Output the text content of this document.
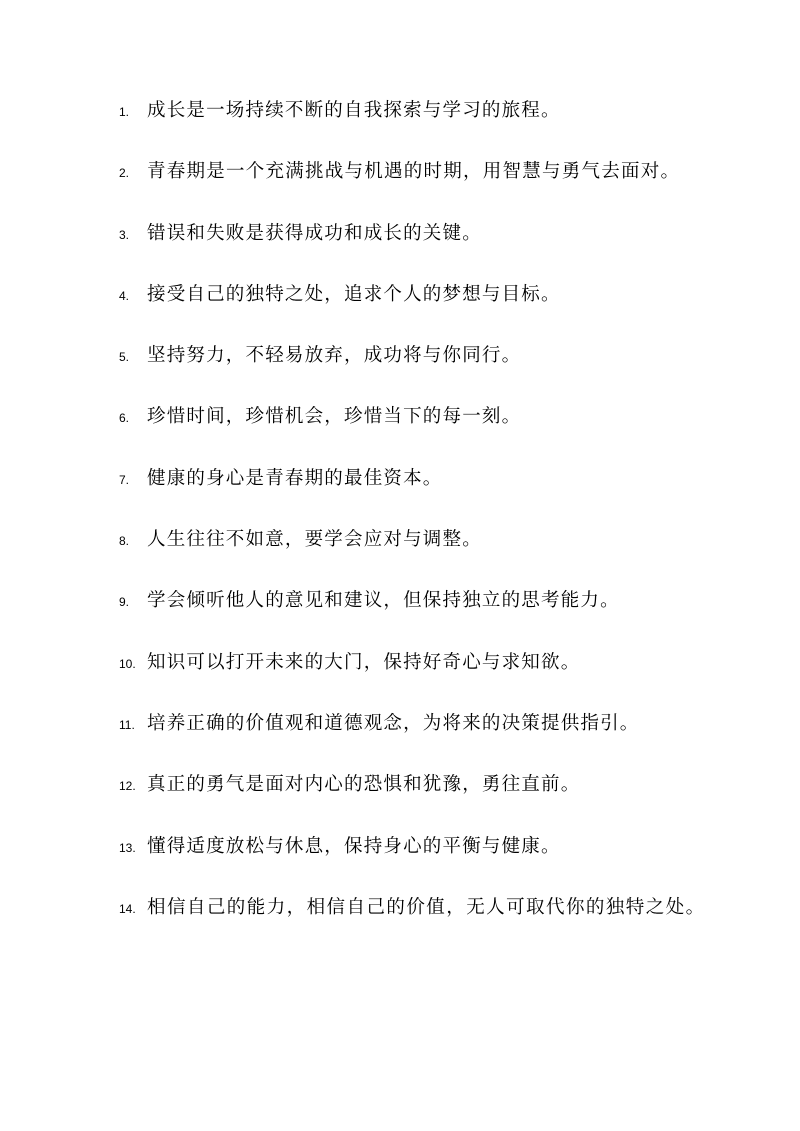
1. 成长是一场持续不断的自我探索与学习的旅程。
2. 青春期是一个充满挑战与机遇的时期，用智慧与勇气去面对。
3. 错误和失败是获得成功和成长的关键。
4. 接受自己的独特之处，追求个人的梦想与目标。
5. 坚持努力，不轻易放弃，成功将与你同行。
6. 珍惜时间，珍惜机会，珍惜当下的每一刻。
7. 健康的身心是青春期的最佳资本。
8. 人生往往不如意，要学会应对与调整。
9. 学会倾听他人的意见和建议，但保持独立的思考能力。
10. 知识可以打开未来的大门，保持好奇心与求知欲。
11. 培养正确的价值观和道德观念，为将来的决策提供指引。
12. 真正的勇气是面对内心的恐惧和犹豫，勇往直前。
13. 懂得适度放松与休息，保持身心的平衡与健康。
14. 相信自己的能力，相信自己的价值，无人可取代你的独特之处。
